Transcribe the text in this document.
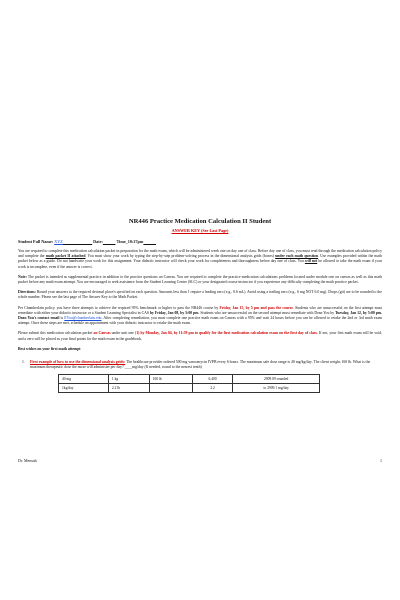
NR446 Practice Medication Calculation II Student

ANSWER KEY (See Last Page)
Student Full Name: XYZ	Date:	Time_10:27pm
You are required to complete this medication calculation packet in preparation for the math exam, which will be administered week one on day one of class. Before day one of class, you must read through the medication calculation policy and complete the math packet II attached. You must show your work by typing the step-by-step problem-solving process in the dimensional analysis grids (boxes) under each math question. Use examples provided within the math packet below as a guide. Do not handwrite your work for this assignment. Your didactic instructor will check your work for completeness and thoroughness before day one of class. You will not be allowed to take the math exam if your work is incomplete, even if the answer is correct.
Note: The packet is intended as supplemental practice in addition to the practice questions on Canvas. You are required to complete the practice medication calculations problems located under module one on canvas as well as this math packet before any math exam attempt. You are encouraged to seek assistance from the Student Learning Center (SLC) or your designated course instructor if you experience any difficulty completing the math practice packet.
Directions: Round your answers to the required decimal place/s specified on each question. Amounts less than 1 require a leading zero (e.g., 0.6 mL). Avoid using a trailing zero (e.g., 6 mg NOT 6.0 mg). Drops (gtt) are to be rounded to the whole number. Please see the last page of The Answer Key to the Math Packet.
Per Chamberlain policy, you have three attempts to achieve the required 95% benchmark or higher to pass the NR446 course by Friday, Jan 15, by 5 pm and pass the course. Students who are unsuccessful on the first attempt must remediate with either your didactic instructor or a Student Learning Specialist in CAS by Friday, Jan 08, by 5:00 pm. Students who are unsuccessful on the second attempt must remediate with Dean You by Tuesday, Jan 12, by 5:00 pm. Dean You's contact email is EYou@chamberlain.edu. After completing remediation, you must complete one practice math exam on Canvas with a 95% and wait 24 hours before you can be allowed to retake the 2nd or 3rd math exam attempt. Once these steps are met, schedule an appointment with your didactic instructor to retake the math exam.
Please submit this medication calculation packet on Canvas under unit one (1) by Monday, Jan 04, by 11:59 pm to qualify for the first medication calculation exam on the first day of class. If not, your first math exam will be void, and a zero will be placed as your final points for the math exam in the gradebook.
Best wishes on your first math attempt
1. First example of how to use the dimensional analysis grids: The healthcare provider ordered 500 mg vancomycin IVPB every 6 hours. The maximum safe dose range is 40 mg/kg/day. The client weighs 160 lb. What is the maximum therapeutic dose the nurse will administer per day? ____mg/day (If needed, round to the nearest tenth)
40 mg	1 kg	160 lb	6,400	2909.09 rounded
1kg/day	2.2 lb		2.2	to 2909.1 mg/day
Dr. Mensah	1
